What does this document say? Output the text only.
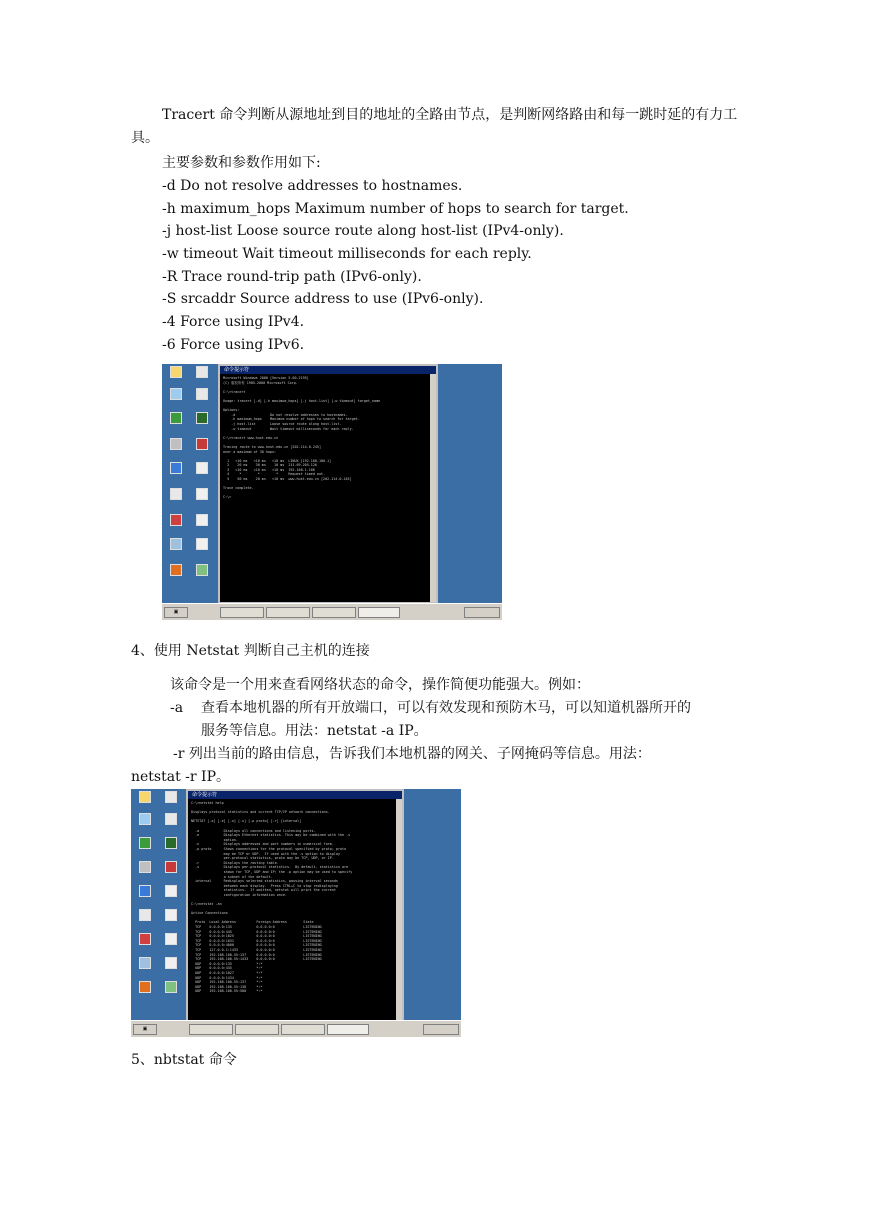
Tracert 命令判断从源地址到目的地址的全路由节点，是判断网络路由和每一跳时延的有力工具。
主要参数和参数作用如下:
-d Do not resolve addresses to hostnames.
-h maximum_hops Maximum number of hops to search for target.
-j host-list Loose source route along host-list (IPv4-only).
-w timeout Wait timeout milliseconds for each reply.
-R Trace round-trip path (IPv6-only).
-S srcaddr Source address to use (IPv6-only).
-4 Force using IPv4.
-6 Force using IPv6.
命令提示符
Microsoft Windows 2000 [Version 5.00.2195]
(C) 版权所有 1985-2000 Microsoft Corp.

C:\>tracert

Usage: tracert [-d] [-h maximum_hops] [-j host-list] [-w timeout] target_name

Options:
-d                 Do not resolve addresses to hostnames.
-h maximum_hops    Maximum number of hops to search for target.
-j host-list       Loose source route along host-list.
-w timeout         Wait timeout milliseconds for each reply.

C:\>tracert www.hust.edu.cn

Tracing route to www.hust.edu.cn [202.114.0.245]
over a maximum of 30 hops:

1   <10 ms   <10 ms   <10 ms  LINUX [192.168.100.1]
2    20 ms    30 ms    10 ms  211.69.205.126
3   <10 ms   <10 ms   <10 ms  192.168.1.186
4     *        *        *     Request timed out.
5    50 ms    20 ms   <10 ms  www.hust.edu.cn [202.114.0.245]

Trace complete.

C:\>
▣
4、使用 Netstat 判断自己主机的连接
该命令是一个用来查看网络状态的命令，操作简便功能强大。例如：
-a 查看本地机器的所有开放端口，可以有效发现和预防木马，可以知道机器所开的
服务等信息。用法：netstat -a IP。
-r 列出当前的路由信息，告诉我们本地机器的网关、子网掩码等信息。用法：
netstat -r IP。
命令提示符
C:\>netstat help

Displays protocol statistics and current TCP/IP network connections.

NETSTAT [-a] [-e] [-n] [-s] [-p proto] [-r] [interval]

-a            Displays all connections and listening ports.
-e            Displays Ethernet statistics. This may be combined with the -s
option.
-n            Displays addresses and port numbers in numerical form.
-p proto      Shows connections for the protocol specified by proto; proto
may be TCP or UDP.  If used with the -s option to display
per-protocol statistics, proto may be TCP, UDP, or IP.
-r            Displays the routing table.
-s            Displays per-protocol statistics.  By default, statistics are
shown for TCP, UDP and IP; the -p option may be used to specify
a subset of the default.
interval      Redisplays selected statistics, pausing interval seconds
between each display.  Press CTRL+C to stop redisplaying
statistics.  If omitted, netstat will print the current
configuration information once.

C:\>netstat -an

Active Connections

Proto  Local Address          Foreign Address        State
TCP    0.0.0.0:135            0.0.0.0:0              LISTENING
TCP    0.0.0.0:445            0.0.0.0:0              LISTENING
TCP    0.0.0.0:1025           0.0.0.0:0              LISTENING
TCP    0.0.0.0:1031           0.0.0.0:0              LISTENING
TCP    0.0.0.0:4000           0.0.0.0:0              LISTENING
TCP    127.0.0.1:1433         0.0.0.0:0              LISTENING
TCP    192.168.100.55:137     0.0.0.0:0              LISTENING
TCP    192.168.100.55:1433    0.0.0.0:0              LISTENING
UDP    0.0.0.0:135            *:*
UDP    0.0.0.0:445            *:*
UDP    0.0.0.0:1027           *:*
UDP    0.0.0.0:1434           *:*
UDP    192.168.100.55:137     *:*
UDP    192.168.100.55:138     *:*
UDP    192.168.100.55:500     *:*
▣
5、nbtstat 命令
